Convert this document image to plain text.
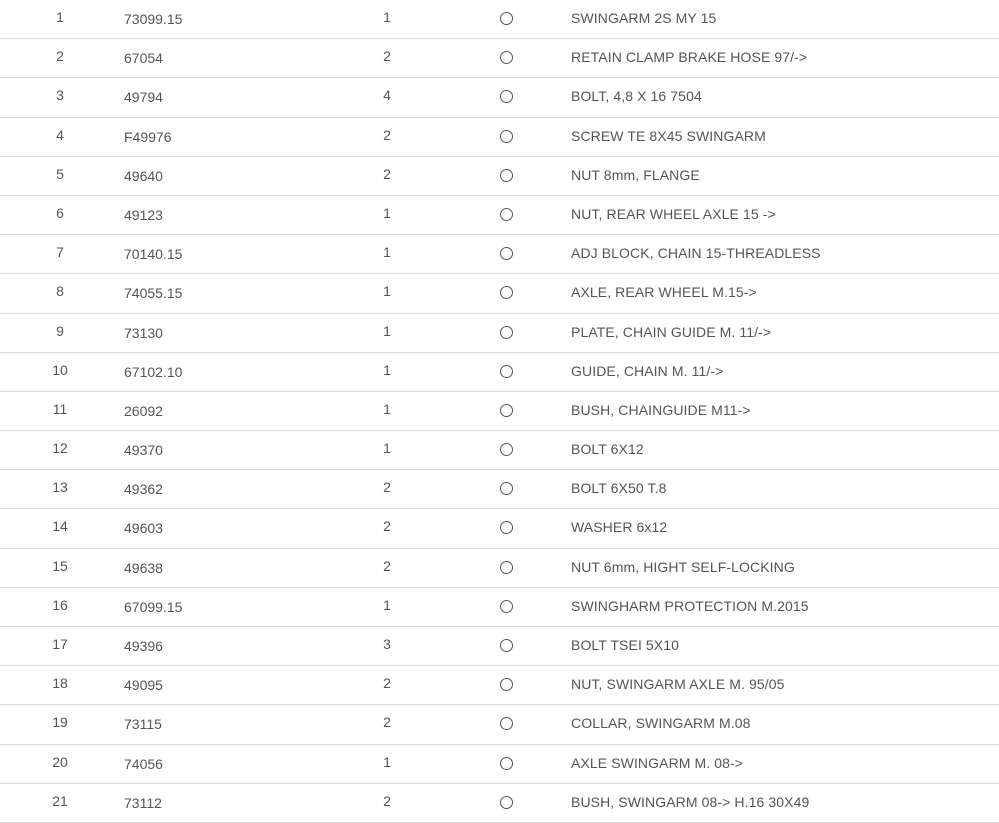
1	73099.15	1	SWINGARM 2S MY 15
2	67054	2	RETAIN CLAMP BRAKE HOSE 97/->
3	49794	4	BOLT, 4,8 X 16 7504
4	F49976	2	SCREW TE 8X45 SWINGARM
5	49640	2	NUT 8mm, FLANGE
6	49123	1	NUT, REAR WHEEL AXLE 15 ->
7	70140.15	1	ADJ BLOCK, CHAIN 15-THREADLESS
8	74055.15	1	AXLE, REAR WHEEL M.15->
9	73130	1	PLATE, CHAIN GUIDE M. 11/->
10	67102.10	1	GUIDE, CHAIN M. 11/->
11	26092	1	BUSH, CHAINGUIDE M11->
12	49370	1	BOLT 6X12
13	49362	2	BOLT 6X50 T.8
14	49603	2	WASHER 6x12
15	49638	2	NUT 6mm, HIGHT SELF-LOCKING
16	67099.15	1	SWINGHARM PROTECTION M.2015
17	49396	3	BOLT TSEI 5X10
18	49095	2	NUT, SWINGARM AXLE M. 95/05
19	73115	2	COLLAR, SWINGARM M.08
20	74056	1	AXLE SWINGARM M. 08->
21	73112	2	BUSH, SWINGARM 08-> H.16 30X49
